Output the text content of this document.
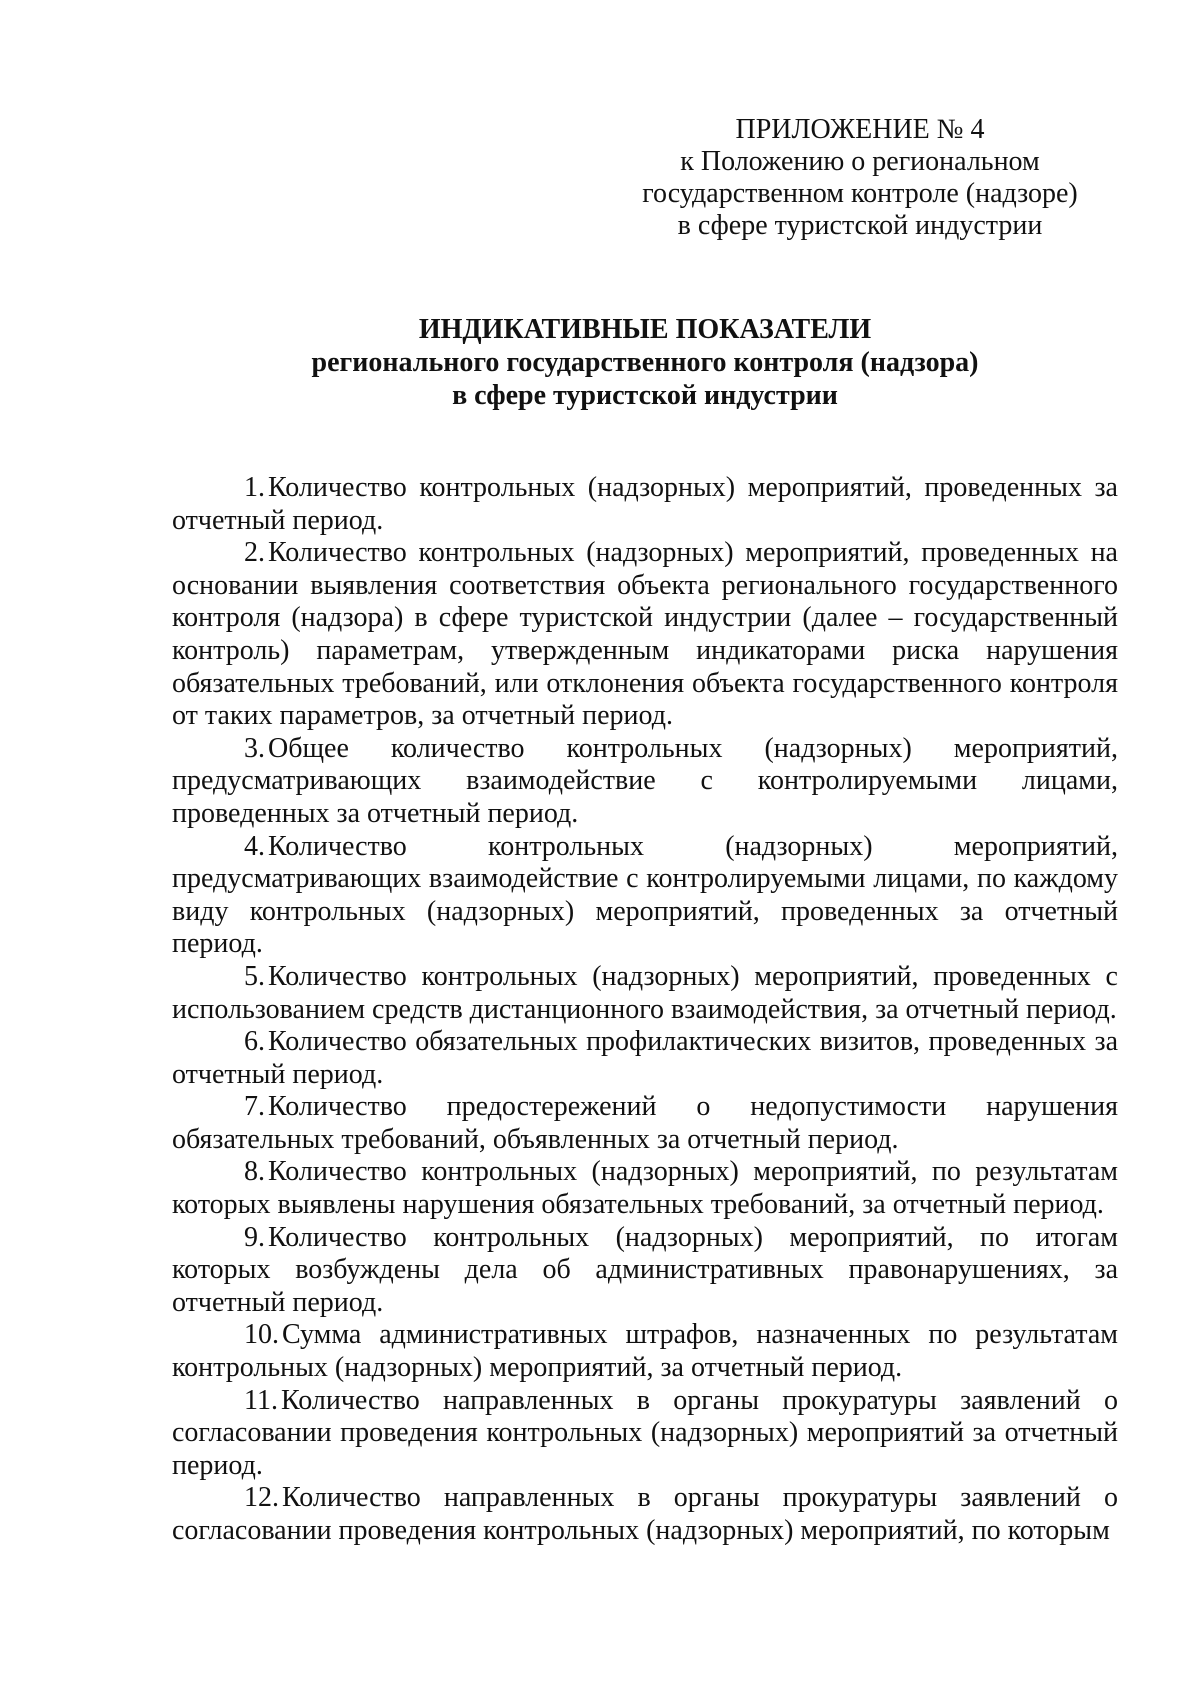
ПРИЛОЖЕНИЕ № 4
к Положению о региональном
государственном контроле (надзоре)
в сфере туристской индустрии
ИНДИКАТИВНЫЕ ПОКАЗАТЕЛИ
регионального государственного контроля (надзора)
в сфере туристской индустрии

1. Количество контрольных (надзорных) мероприятий, проведенных за отчетный период.

2. Количество контрольных (надзорных) мероприятий, проведенных на основании выявления соответствия объекта регионального государственного контроля (надзора) в сфере туристской индустрии (далее – государственный контроль) параметрам, утвержденным индикаторами риска нарушения обязательных требований, или отклонения объекта государственного контроля от таких параметров, за отчетный период.

3. Общее количество контрольных (надзорных) мероприятий, предусматривающих взаимодействие с контролируемыми лицами, проведенных за отчетный период.

4. Количество контрольных (надзорных) мероприятий, предусматривающих взаимодействие с контролируемыми лицами, по каждому виду контрольных (надзорных) мероприятий, проведенных за отчетный период.

5. Количество контрольных (надзорных) мероприятий, проведенных с использованием средств дистанционного взаимодействия, за отчетный период.

6. Количество обязательных профилактических визитов, проведенных за отчетный период.

7. Количество предостережений о недопустимости нарушения обязательных требований, объявленных за отчетный период.

8. Количество контрольных (надзорных) мероприятий, по результатам которых выявлены нарушения обязательных требований, за отчетный период.

9. Количество контрольных (надзорных) мероприятий, по итогам которых возбуждены дела об административных правонарушениях, за отчетный период.

10. Сумма административных штрафов, назначенных по результатам контрольных (надзорных) мероприятий, за отчетный период.

11. Количество направленных в органы прокуратуры заявлений о согласовании проведения контрольных (надзорных) мероприятий за отчетный период.

12. Количество направленных в органы прокуратуры заявлений о согласовании проведения контрольных (надзорных) мероприятий, по которым
